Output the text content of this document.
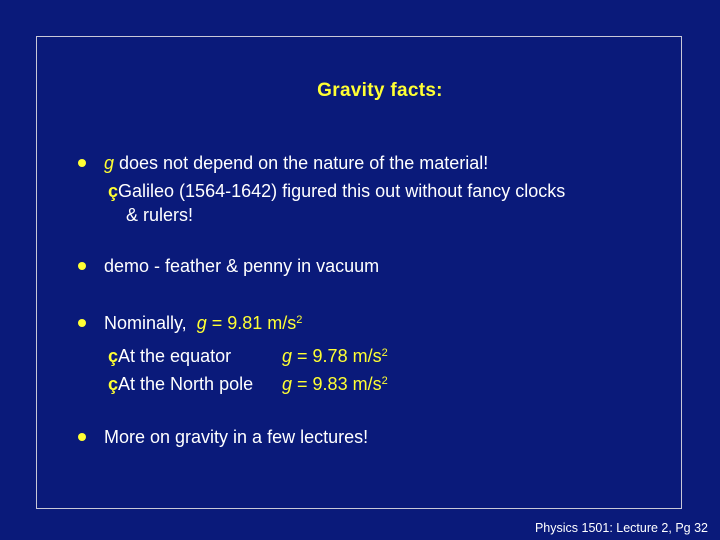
Gravity facts:
g does not depend on the nature of the material!
çGalileo (1564-1642) figured this out without fancy clocks
& rulers!
demo - feather & penny in vacuum
Nominally, g = 9.81 $m/s^2$
çAt the equator	g = 9.78 $m/s^2$
çAt the North pole g = 9.83 $m/s^2$
More on gravity in a few lectures!
Physics 1501: Lecture 2, Pg 32
